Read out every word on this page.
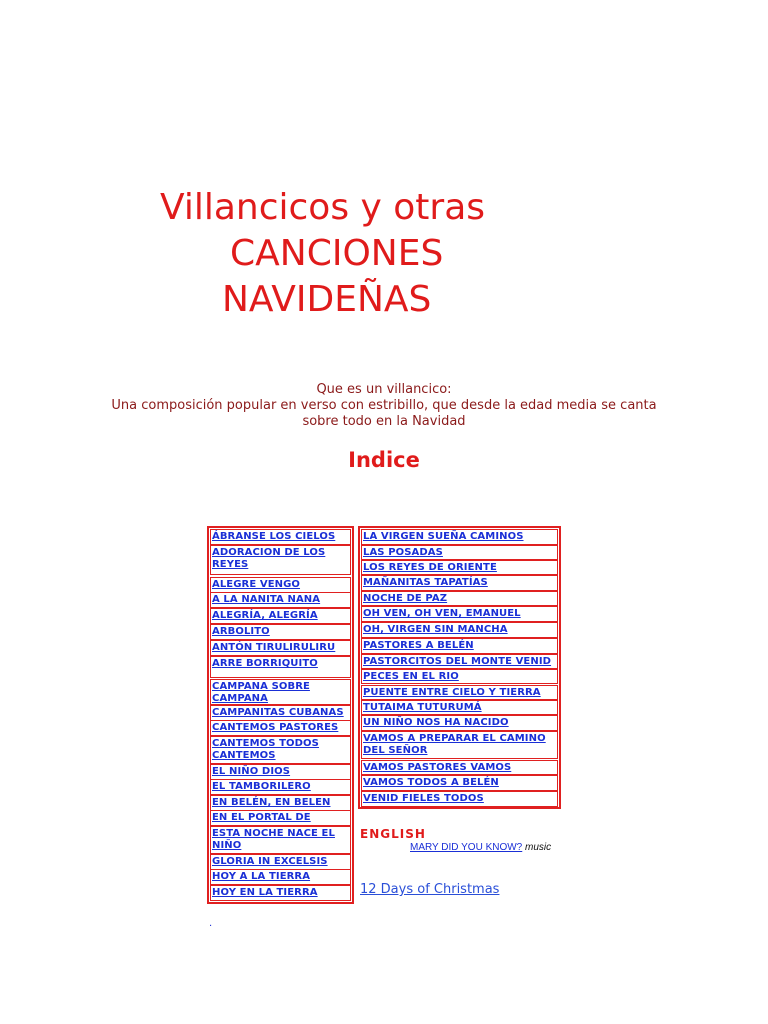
Villancicos y otras
CANCIONES
NAVIDEÑAS
Que es un villancico:
Una composición popular en verso con estribillo, que desde la edad media se canta
sobre todo en la Navidad
Indice
ENGLISH
MARY DID YOU KNOW? music
12 Days of Christmas
.
ÁBRANSE LOS CIELOS
ADORACION DE LOS REYES
ALEGRE VENGO
A LA NANITA NANA
ALEGRÍA, ALEGRÍA
ARBOLITO
ANTÓN TIRULIRULIRU
ARRE BORRIQUITO
CAMPANA SOBRE CAMPANA
CAMPANITAS CUBANAS
CANTEMOS PASTORES
CANTEMOS TODOS CANTEMOS
EL NIÑO DIOS
EL TAMBORILERO
EN BELÉN, EN BELEN
EN EL PORTAL DE
ESTA NOCHE NACE EL NIÑO
GLORIA IN EXCELSIS
HOY A LA TIERRA
HOY EN LA TIERRA
LA VIRGEN SUEÑA CAMINOS
LAS POSADAS
LOS REYES DE ORIENTE
MAÑANITAS TAPATÍAS
NOCHE DE PAZ
OH VEN, OH VEN, EMANUEL
OH, VIRGEN SIN MANCHA
PASTORES A BELÉN
PASTORCITOS DEL MONTE VENID
PECES EN EL RIO
PUENTE ENTRE CIELO Y TIERRA
TUTAIMA TUTURUMÁ
UN NIÑO NOS HA NACIDO
VAMOS A PREPARAR EL CAMINO DEL SEÑOR
VAMOS PASTORES VAMOS
VAMOS TODOS A BELÉN
VENID FIELES TODOS
